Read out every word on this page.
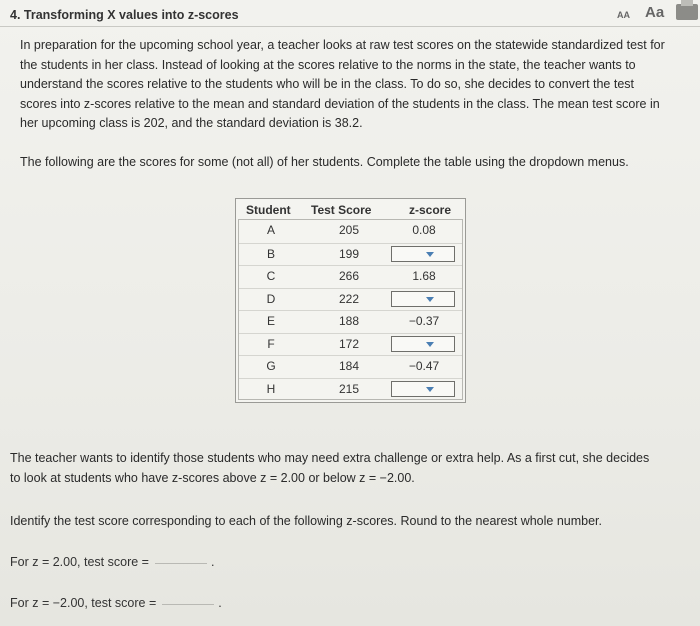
4. Transforming X values into z-scores	AA Aa
In preparation for the upcoming school year, a teacher looks at raw test scores on the statewide standardized test for
the students in her class. Instead of looking at the scores relative to the norms in the state, the teacher wants to
understand the scores relative to the students who will be in the class. To do so, she decides to convert the test
scores into z-scores relative to the mean and standard deviation of the students in the class. The mean test score in
her upcoming class is 202, and the standard deviation is 38.2.
The following are the scores for some (not all) of her students. Complete the table using the dropdown menus.
Student Test Score	z-score
A	205	0.08
B	199
C	266	1.68
D	222
E	188	−0.37
F	172
G	184	−0.47
H	215
The teacher wants to identify those students who may need extra challenge or extra help. As a first cut, she decides
to look at students who have z-scores above z = 2.00 or below z = −2.00.
Identify the test score corresponding to each of the following z-scores. Round to the nearest whole number.
For z = 2.00, test score =	.
For z = −2.00, test score =	.
